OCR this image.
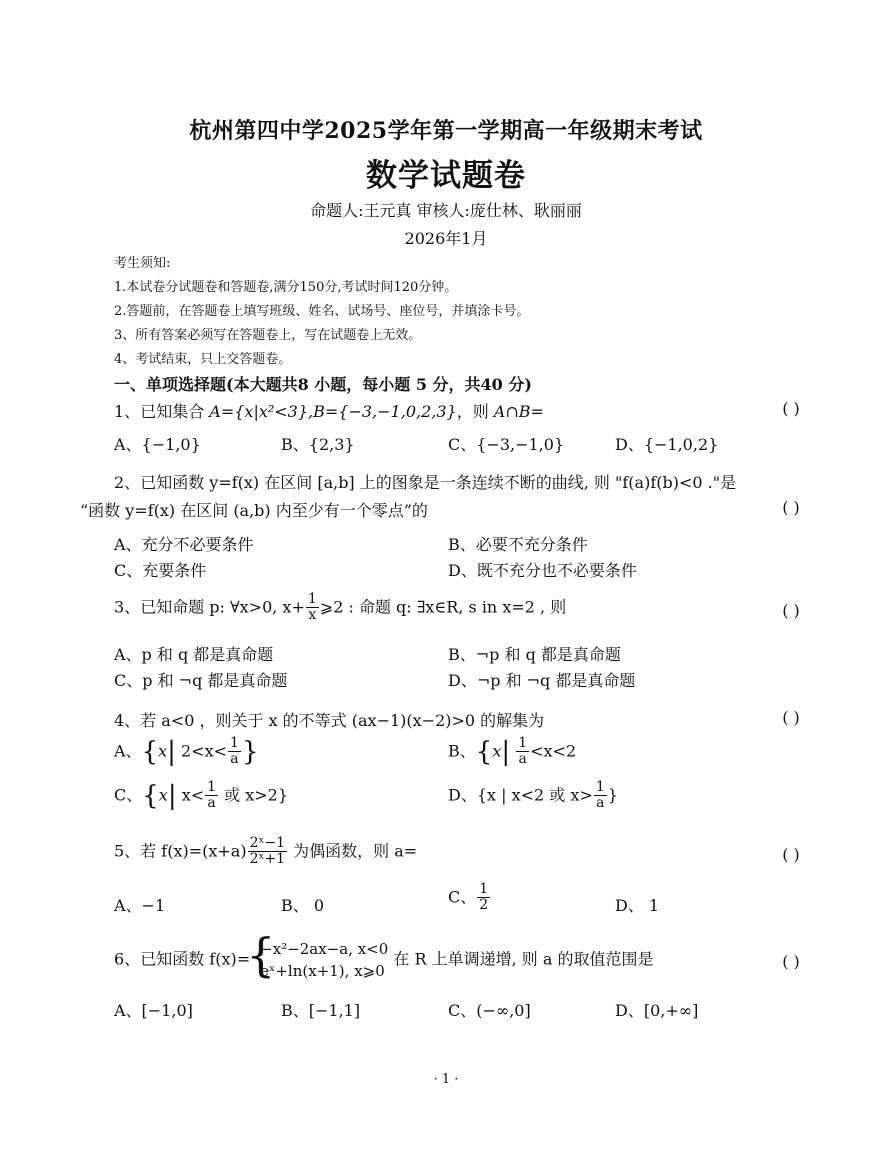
杭州第四中学2025学年第一学期高一年级期末考试
数学试题卷
命题人:王元真 审核人:庞仕林、耿丽丽
2026年1月
考生须知:
1.本试卷分试题卷和答题卷,满分150分,考试时间120分钟。
2.答题前，在答题卷上填写班级、姓名、试场号、座位号，并填涂卡号。
3、所有答案必须写在答题卷上，写在试题卷上无效。
4、考试结束，只上交答题卷。
一、单项选择题(本大题共8 小题，每小题 5 分，共40 分)
1、已知集合 A={x|x²<3},B={−3,−1,0,2,3}，则 A∩B=	( )
A、{−1,0}	B、{2,3}	C、{−3,−1,0}	D、{−1,0,2}
2、已知函数 y=f(x) 在区间 [a,b] 上的图象是一条连续不断的曲线, 则 "f(a)f(b)<0 ."是
“函数 y=f(x) 在区间 (a,b) 内至少有一个零点”的	( )
A、充分不必要条件	B、必要不充分条件
C、充要条件	D、既不充分也不必要条件
3、已知命题 p: ∀x>0, $x+ \frac{1}{x}$ ⩾2 : 命题 q: ∃x∈R, s in x=2 , 则	( )
A、p 和 q 都是真命题	B、¬p 和 q 都是真命题
C、p 和 ¬q 都是真命题	D、¬p 和 ¬q 都是真命题
4、若 a<0 ，则关于 x 的不等式 (ax−1)(x−2)>0 的解集为	( )
A、{x| $2<x< \frac{1}{a}$ }	B、{$x| \frac{1}{a} <x<2$
C、{x| $x< \frac{1}{a}$ 或 x>2}	D、{x | x<2 或 $x> \frac{1}{a}$ }
5、若 $f(x)=(x+a) \frac{\text{2ˣ−1}}{\text{2ˣ+1}}$ 为偶函数，则 a=	( )
A、−1	B、 0	C、 $\frac{1}{2}$	D、 1
6、已知函数 f(x)=
{ −x²−2ax−a, x<0
eˣ+ln(x+1), x⩾0
在 R 上单调递增, 则 a 的取值范围是	( )
A、[−1,0]	B、[−1,1]	C、(−∞,0]	D、[0,+∞]
· 1 ·
